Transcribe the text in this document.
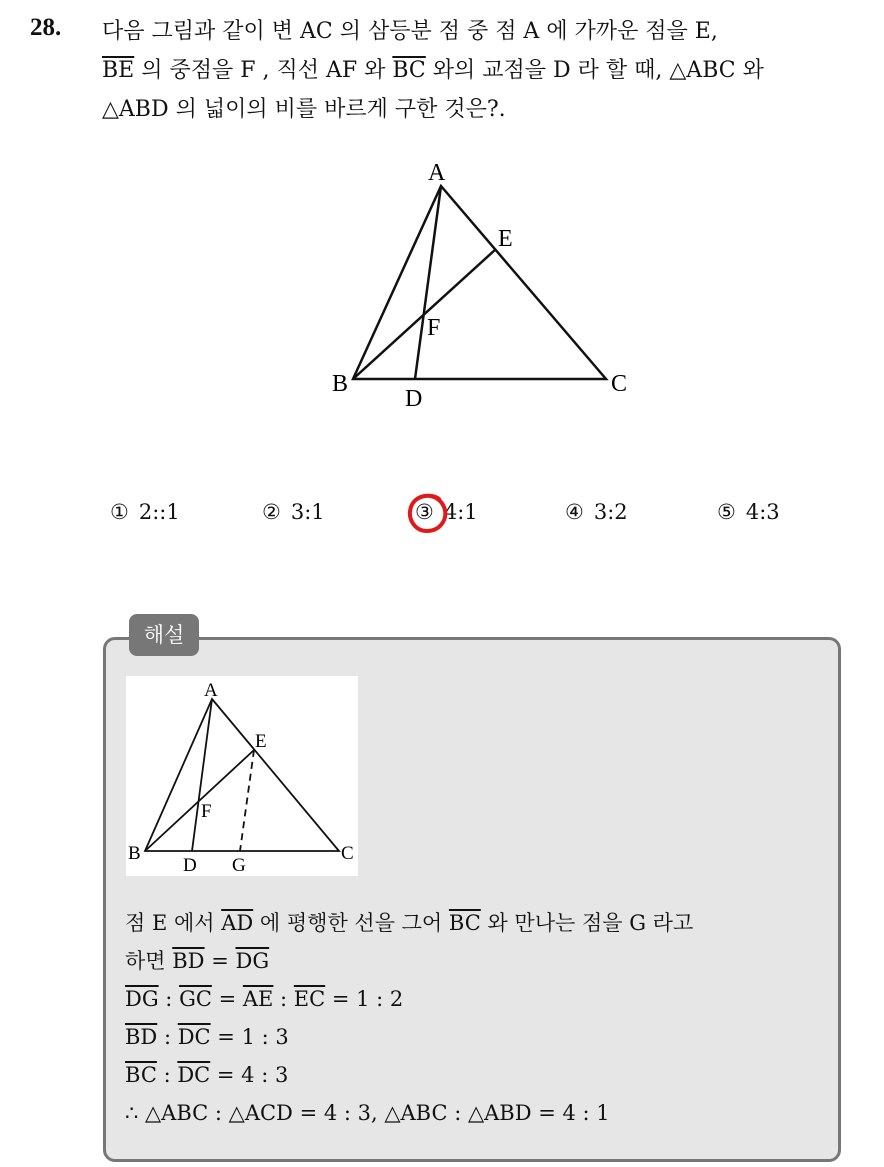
28. 다음 그림과 같이 변 AC 의 삼등분 점 중 점 A 에 가까운 점을 E,
$\overline{BE}$ 의 중점을 F , 직선 AF 와 $\overline{BC}$ 와의 교점을 D 라 할 때, △ABC 와
△ABD 의 넓이의 비를 바르게 구한 것은?.
A
E
F
B
D
C
① 2::1	② 3:1	③ 4:1	④ 3:2	⑤ 4:3
해설
A
E
F
B
D G
C
점 E 에서 $\overline{AD}$ 에 평행한 선을 그어 $\overline{BC}$ 와 만나는 점을 G 라고
하면 $\overline{BD} = \overline{DG}$
$\overline{DG}$ : $\overline{GC} = \overline{AE}$ : $\overline{EC} = 1$ : 2
$\overline{BD}$ : $\overline{DC} = 1$ : 3
$\overline{BC}$ : $\overline{DC} = 4$ : 3
∴ △ABC : △ACD = 4 : 3, △ABC : △ABD = 4 : 1
